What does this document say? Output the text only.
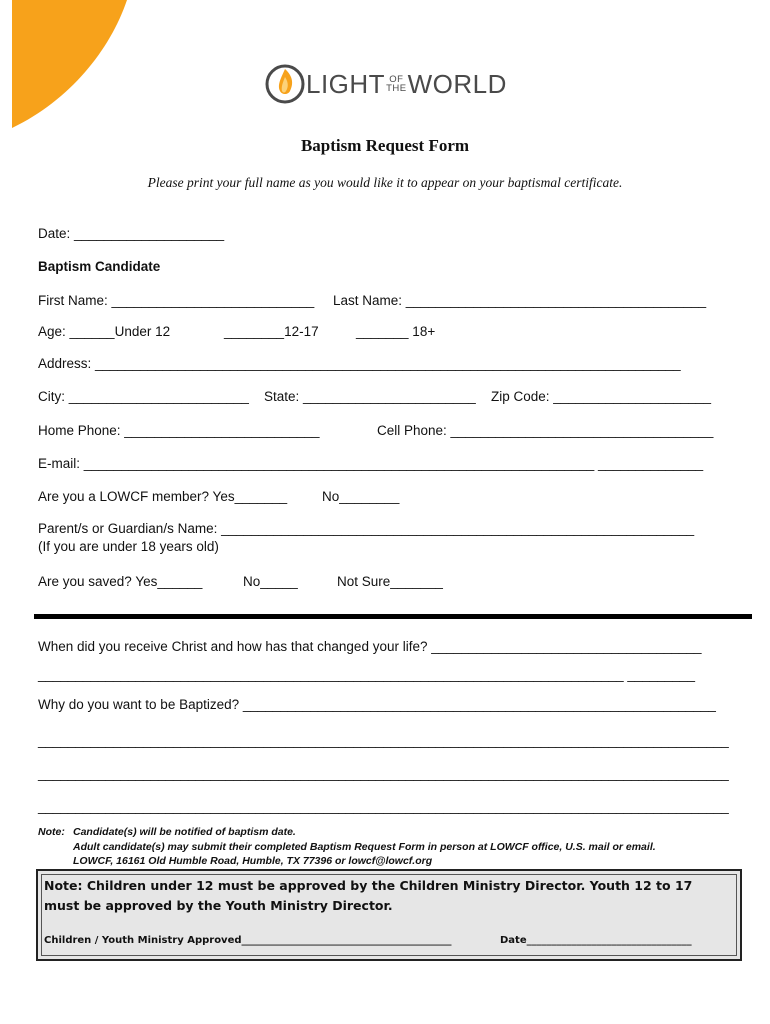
LIGHT OF
THE WORLD
Baptism Request Form
Please print your full name as you would like it to appear on your baptismal certificate.
Date: ____________________
Baptism Candidate
First Name: ___________________________ Last Name: ________________________________________
Age: ______Under 12	________12-17	_______ 18+
Address: ______________________________________________________________________________
City: ________________________ State: _______________________ Zip Code: _____________________
Home Phone: __________________________	Cell Phone: ___________________________________
E-mail: ____________________________________________________________________ ______________
Are you a LOWCF member? Yes_______	No________
Parent/s or Guardian/s Name: _______________________________________________________________
(If you are under 18 years old)
Are you saved? Yes______	No_____	Not Sure_______
When did you receive Christ and how has that changed your life? ____________________________________
______________________________________________________________________________ _________
Why do you want to be Baptized? _______________________________________________________________
____________________________________________________________________________________________
____________________________________________________________________________________________
____________________________________________________________________________________________
Note: Candidate(s) will be notified of baptism date.
Adult candidate(s) may submit their completed Baptism Request Form in person at LOWCF office, U.S. mail or email.
LOWCF, 16161 Old Humble Road, Humble, TX 77396 or lowcf@lowcf.org
Note: Children under 12 must be approved by the Children Ministry Director. Youth 12 to 17 must be approved by the Youth Ministry Director.
Children / Youth Ministry Approved__________________________________________	Date_________________________________
